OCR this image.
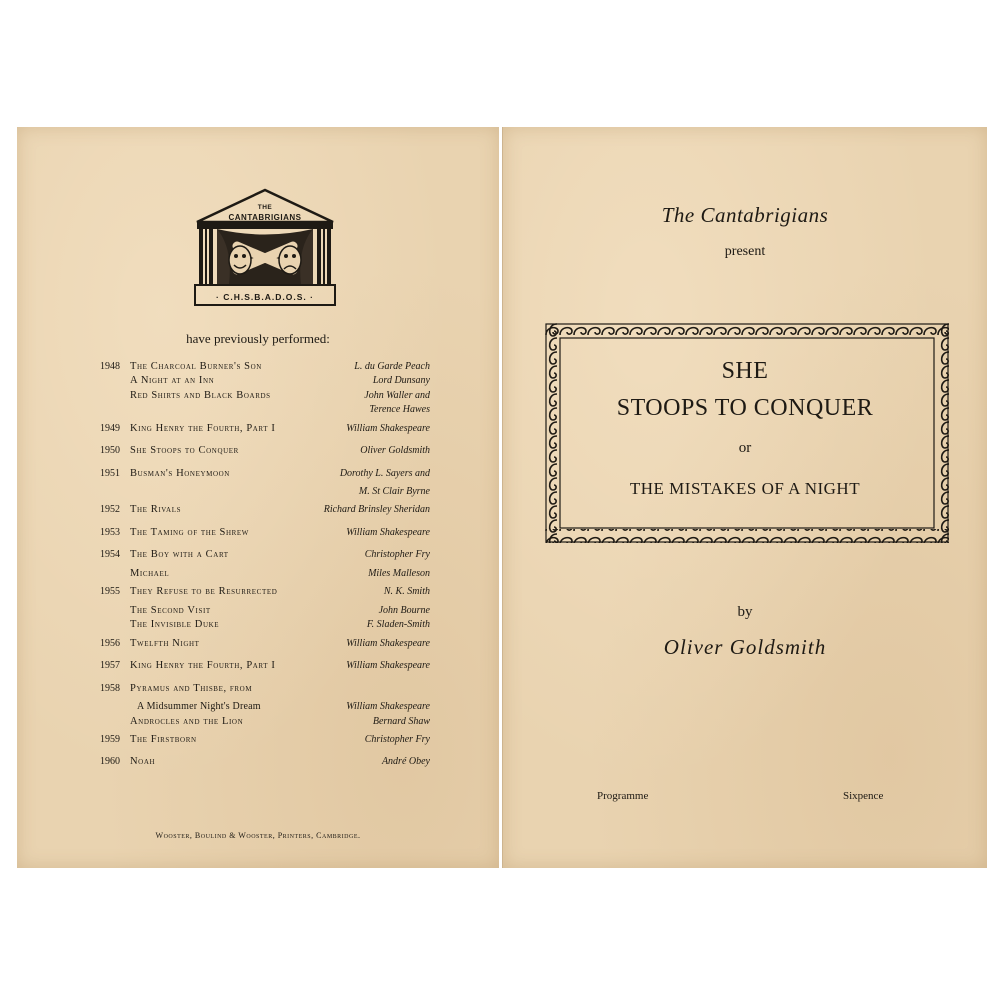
THE
CANTABRIGIANS
· C.H.S.B.A.D.O.S. ·
have previously performed:
1948 The Charcoal Burner's Son	L. du Garde Peach
A Night at an Inn	Lord Dunsany
Red Shirts and Black Boards	John Waller and
Terence Hawes
1949 King Henry the Fourth, Part I	William Shakespeare
1950 She Stoops to Conquer	Oliver Goldsmith
1951 Busman's Honeymoon	Dorothy L. Sayers and
M. St Clair Byrne
1952 The Rivals	Richard Brinsley Sheridan
1953 The Taming of the Shrew	William Shakespeare
1954 The Boy with a Cart	Christopher Fry
Michael	Miles Malleson
1955 They Refuse to be Resurrected	N. K. Smith
The Second Visit	John Bourne
The Invisible Duke	F. Sladen-Smith
1956 Twelfth Night	William Shakespeare
1957 King Henry the Fourth, Part I	William Shakespeare
1958 Pyramus and Thisbe, from
A Midsummer Night's Dream	William Shakespeare
Androcles and the Lion	Bernard Shaw
1959 The Firstborn	Christopher Fry
1960 Noah	André Obey
Wooster, Boulind & Wooster, Printers, Cambridge.
The Cantabrigians
present
SHE
STOOPS TO CONQUER
or
THE MISTAKES OF A NIGHT
by
Oliver Goldsmith
Programme	Sixpence
